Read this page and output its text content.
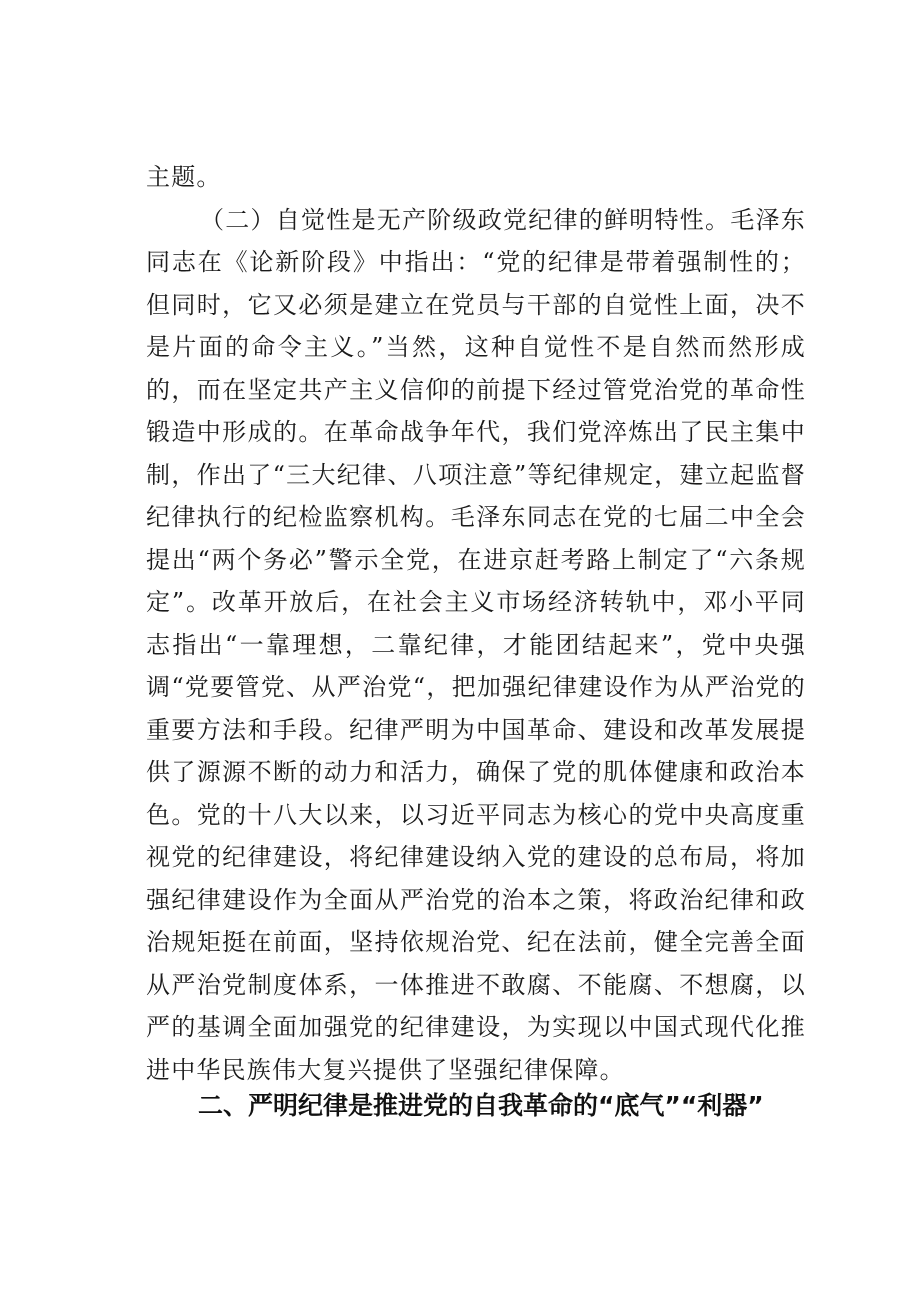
主题。

（二）自觉性是无产阶级政党纪律的鲜明特性。毛泽东同志在《论新阶段》中指出：“党的纪律是带着强制性的；但同时，它又必须是建立在党员与干部的自觉性上面，决不是片面的命令主义。”当然，这种自觉性不是自然而然形成的，而在坚定共产主义信仰的前提下经过管党治党的革命性锻造中形成的。在革命战争年代，我们党淬炼出了民主集中制，作出了“三大纪律、八项注意”等纪律规定，建立起监督纪律执行的纪检监察机构。毛泽东同志在党的七届二中全会提出“两个务必”警示全党，在进京赶考路上制定了“六条规定”。改革开放后，在社会主义市场经济转轨中，邓小平同志指出“一靠理想，二靠纪律，才能团结起来”，党中央强调“党要管党、从严治党“，把加强纪律建设作为从严治党的重要方法和手段。纪律严明为中国革命、建设和改革发展提供了源源不断的动力和活力，确保了党的肌体健康和政治本色。党的十八大以来，以习近平同志为核心的党中央高度重视党的纪律建设，将纪律建设纳入党的建设的总布局，将加强纪律建设作为全面从严治党的治本之策，将政治纪律和政治规矩挺在前面，坚持依规治党、纪在法前，健全完善全面从严治党制度体系，一体推进不敢腐、不能腐、不想腐，以严的基调全面加强党的纪律建设，为实现以中国式现代化推进中华民族伟大复兴提供了坚强纪律保障。

二、严明纪律是推进党的自我革命的“底气”“利器”
